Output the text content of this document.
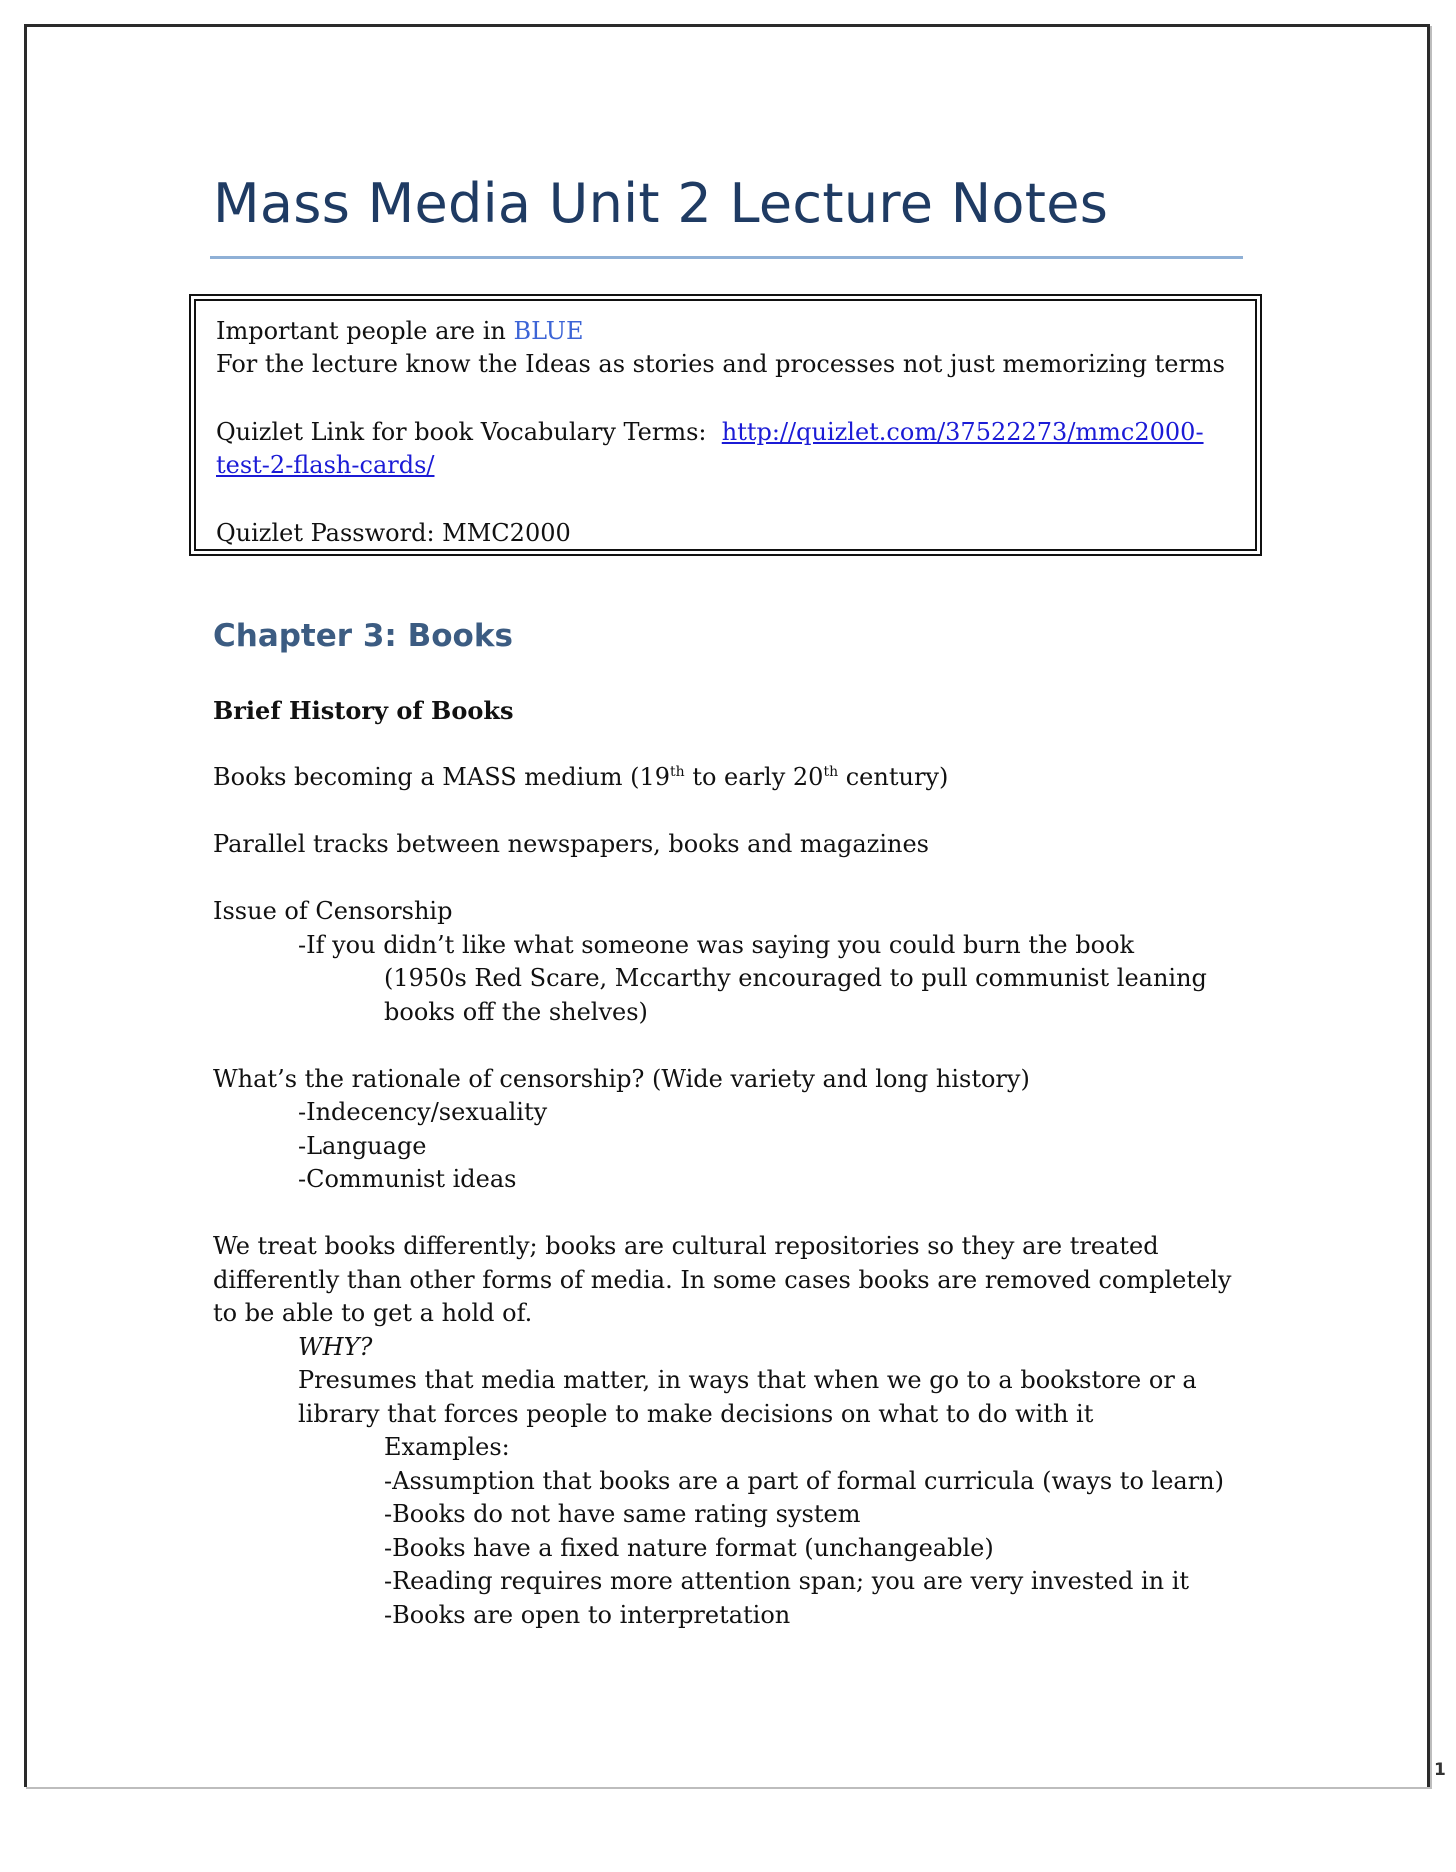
Mass Media Unit 2 Lecture Notes

Important people are in BLUE

For the lecture know the Ideas as stories and processes not just memorizing terms

Quizlet Link for book Vocabulary Terms: http://quizlet.com/37522273/mmc2000-

test-2-flash-cards/

Quizlet Password: MMC2000

Chapter 3: Books

Brief History of Books

Books becoming a MASS medium (19th to early 20th century)

Parallel tracks between newspapers, books and magazines

Issue of Censorship

-If you didn’t like what someone was saying you could burn the book

(1950s Red Scare, Mccarthy encouraged to pull communist leaning

books off the shelves)

What’s the rationale of censorship? (Wide variety and long history)

-Indecency/sexuality

-Language

-Communist ideas

We treat books differently; books are cultural repositories so they are treated

differently than other forms of media. In some cases books are removed completely

to be able to get a hold of.

WHY?

Presumes that media matter, in ways that when we go to a bookstore or a

library that forces people to make decisions on what to do with it

Examples:

-Assumption that books are a part of formal curricula (ways to learn)

-Books do not have same rating system

-Books have a fixed nature format (unchangeable)

-Reading requires more attention span; you are very invested in it

-Books are open to interpretation

1
